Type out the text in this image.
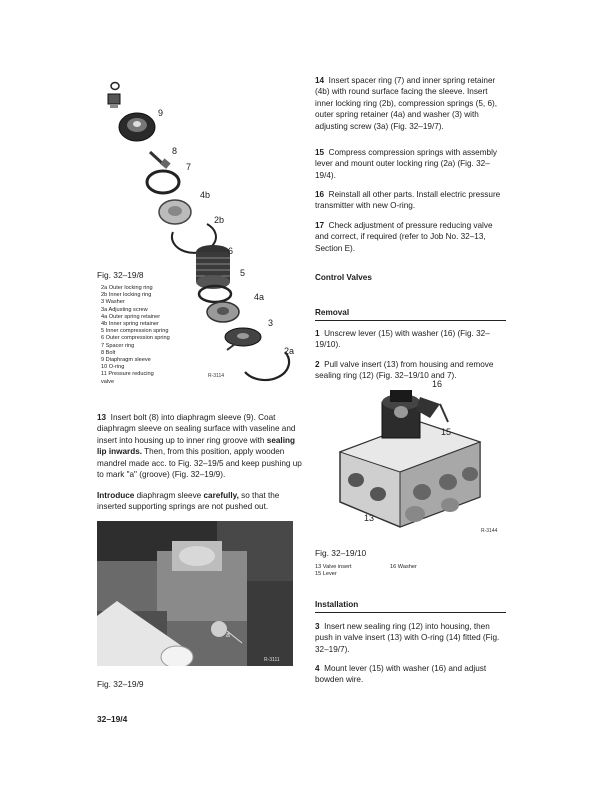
9
8
7
4b
2b
6
5
4a
3
2a
R-3114
Fig. 32–19/8
2a Outer locking ring
2b Inner locking ring
3 Washer
3a Adjusting screw
4a Outer spring retainer
4b Inner spring retainer
5 Inner compression spring
6 Outer compression spring
7 Spacer ring
8 Bolt
9 Diaphragm sleeve
10 O-ring
11 Pressure reducing
valve

13 Insert bolt (8) into diaphragm sleeve (9). Coat diaphragm sleeve on sealing surface with vaseline and insert into housing up to inner ring groove with sealing lip inwards. Then, from this position, apply wooden mandrel made acc. to Fig. 32–19/5 and keep pushing up to mark "a" (groove) (Fig. 32–19/9).

Introduce diaphragm sleeve carefully, so that the inserted supporting springs are not pushed out.

a
R-3111
Fig. 32–19/9

14 Insert spacer ring (7) and inner spring retainer (4b) with round surface facing the sleeve. Insert inner locking ring (2b), compression springs (5, 6), outer spring retainer (4a) and washer (3) with adjusting screw (3a) (Fig. 32–19/7).

15 Compress compression springs with assembly lever and mount outer locking ring (2a) (Fig. 32–19/4).

16 Reinstall all other parts. Install electric pressure transmitter with new O-ring.

17 Check adjustment of pressure reducing valve and correct, if required (refer to Job No. 32–13, Section E).

Control Valves
Removal

1 Unscrew lever (15) with washer (16) (Fig. 32–19/10).

2 Pull valve insert (13) from housing and remove sealing ring (12) (Fig. 32–19/10 and 7).

16
15
13
R-3144
Fig. 32–19/10
13 Valve insert
15 Lever
16 Washer
Installation

3 Insert new sealing ring (12) into housing, then push in valve insert (13) with O-ring (14) fitted (Fig. 32–19/7).

4 Mount lever (15) with washer (16) and adjust bowden wire.

32–19/4
